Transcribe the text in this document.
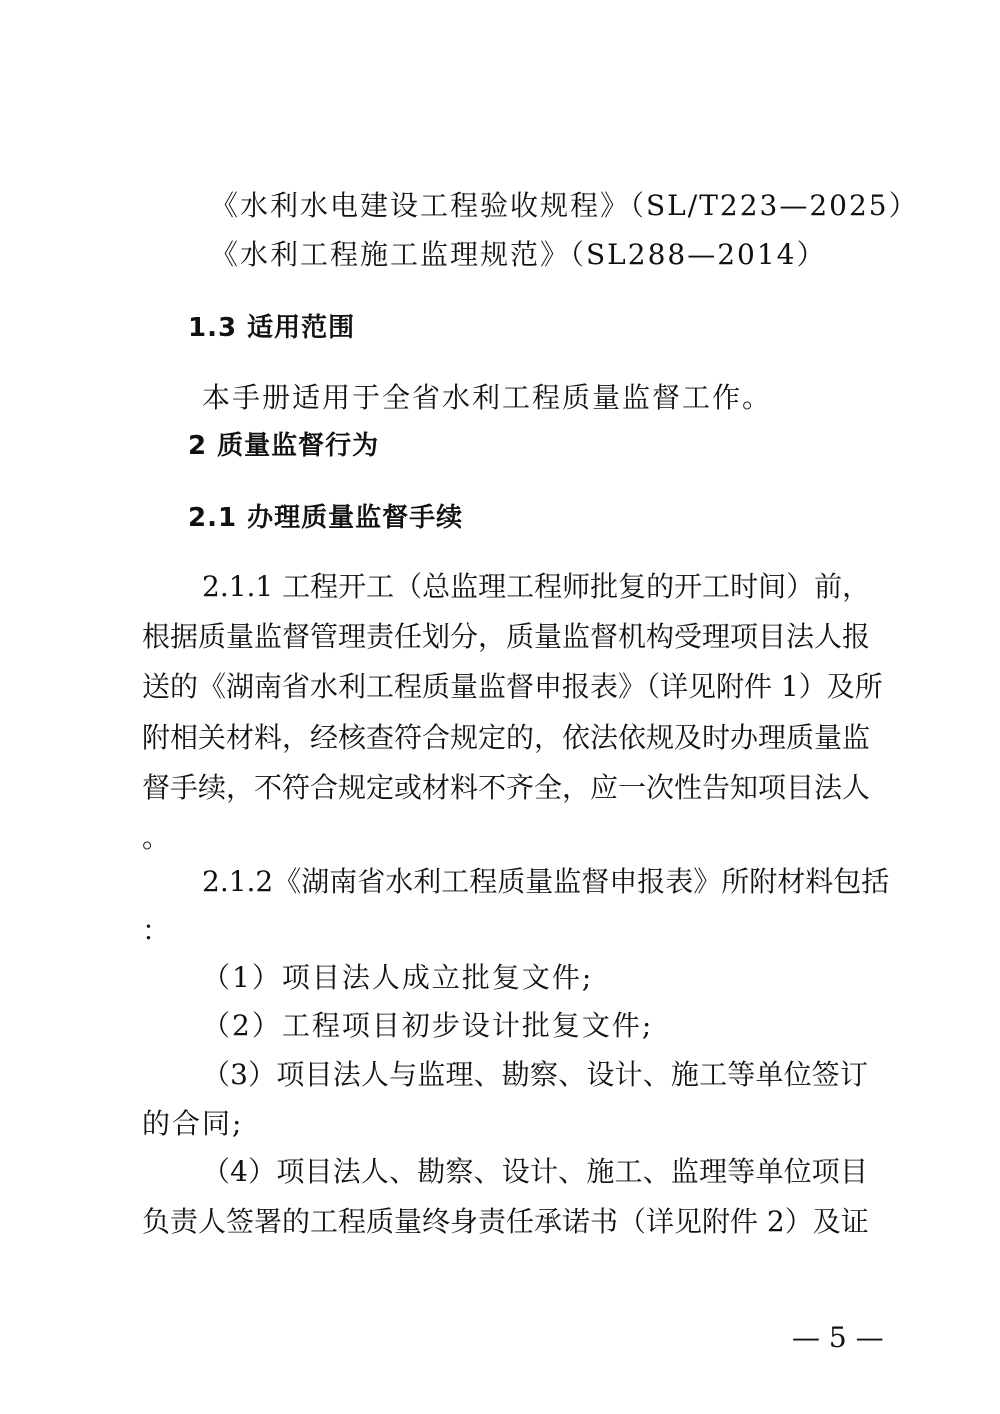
《水利水电建设工程验收规程》（SL/T223—2025）
《水利工程施工监理规范》（SL288—2014）
1.3 适用范围
本手册适用于全省水利工程质量监督工作。
2 质量监督行为
2.1 办理质量监督手续
2.1.1 工程开工（总监理工程师批复的开工时间）前，
根据质量监督管理责任划分，质量监督机构受理项目法人报
送的《湖南省水利工程质量监督申报表》（详见附件 1）及所
附相关材料，经核查符合规定的，依法依规及时办理质量监
督手续，不符合规定或材料不齐全，应一次性告知项目法人
。
2.1.2《湖南省水利工程质量监督申报表》所附材料包括
：
（1）项目法人成立批复文件;
（2）工程项目初步设计批复文件;
（3）项目法人与监理、勘察、设计、施工等单位签订
的合同;
（4）项目法人、勘察、设计、施工、监理等单位项目
负责人签署的工程质量终身责任承诺书（详见附件 2）及证
— 5 —
